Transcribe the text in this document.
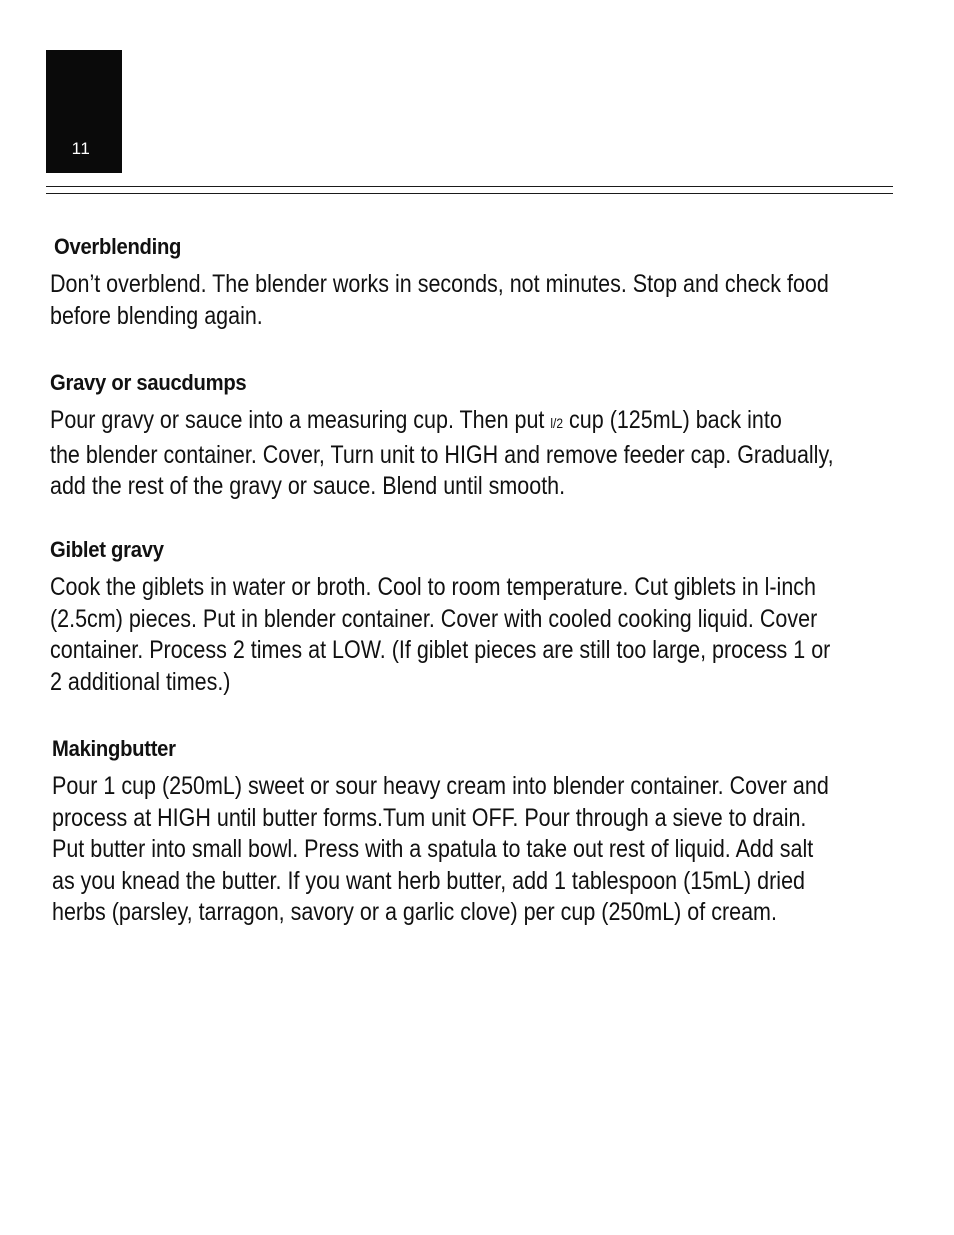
11
Overblending
Don’t overblend. The blender works in seconds, not minutes. Stop and check food
before blending again.
Gravy or saucdumps
Pour gravy or sauce into a measuring cup. Then put l/2 cup (125mL) back into
the blender container. Cover, Turn unit to HIGH and remove feeder cap. Gradually,
add the rest of the gravy or sauce. Blend until smooth.
Giblet gravy
Cook the giblets in water or broth. Cool to room temperature. Cut giblets in l-inch
(2.5cm) pieces. Put in blender container. Cover with cooled cooking liquid. Cover
container. Process 2 times at LOW. (If giblet pieces are still too large, process 1 or
2 additional times.)
Makingbutter
Pour 1 cup (250mL) sweet or sour heavy cream into blender container. Cover and
process at HIGH until butter forms.Tum unit OFF. Pour through a sieve to drain.
Put butter into small bowl. Press with a spatula to take out rest of liquid. Add salt
as you knead the butter. If you want herb butter, add 1 tablespoon (15mL) dried
herbs (parsley, tarragon, savory or a garlic clove) per cup (250mL) of cream.
